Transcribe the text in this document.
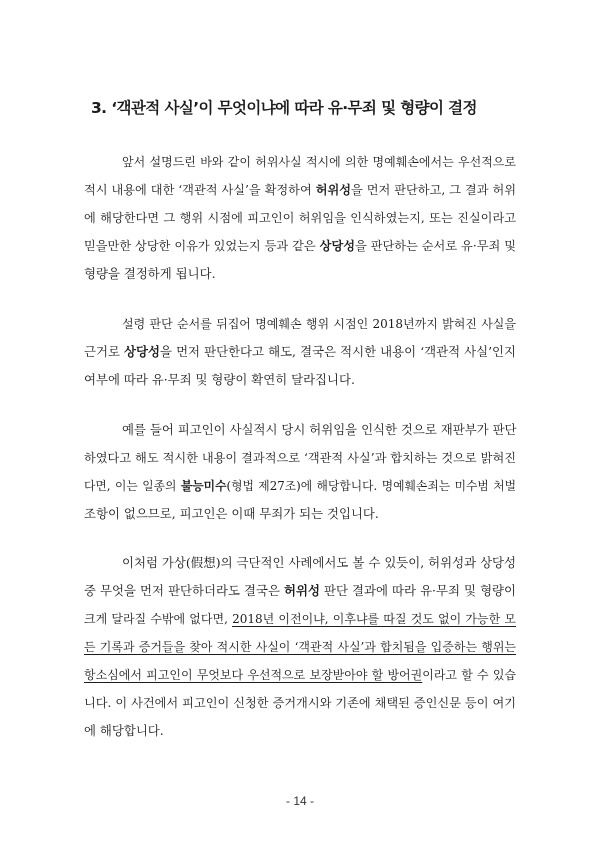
3. ‘객관적 사실’이 무엇이냐에 따라 유·무죄 및 형량이 결정
앞서 설명드린 바와 같이 허위사실 적시에 의한 명예훼손에서는 우선적으로
적시 내용에 대한 ‘객관적 사실’을 확정하여 허위성을 먼저 판단하고, 그 결과 허위
에 해당한다면 그 행위 시점에 피고인이 허위임을 인식하였는지, 또는 진실이라고
믿을만한 상당한 이유가 있었는지 등과 같은 상당성을 판단하는 순서로 유·무죄 및
형량을 결정하게 됩니다.
설령 판단 순서를 뒤집어 명예훼손 행위 시점인 2018년까지 밝혀진 사실을
근거로 상당성을 먼저 판단한다고 해도, 결국은 적시한 내용이 ‘객관적 사실’인지
여부에 따라 유·무죄 및 형량이 확연히 달라집니다.
예를 들어 피고인이 사실적시 당시 허위임을 인식한 것으로 재판부가 판단
하였다고 해도 적시한 내용이 결과적으로 ‘객관적 사실’과 합치하는 것으로 밝혀진
다면, 이는 일종의 불능미수(형법 제27조)에 해당합니다. 명예훼손죄는 미수범 처벌
조항이 없으므로, 피고인은 이때 무죄가 되는 것입니다.
이처럼 가상(假想)의 극단적인 사례에서도 볼 수 있듯이, 허위성과 상당성
중 무엇을 먼저 판단하더라도 결국은 허위성 판단 결과에 따라 유·무죄 및 형량이
크게 달라질 수밖에 없다면, 2018년 이전이냐, 이후냐를 따질 것도 없이 가능한 모
든 기록과 증거들을 찾아 적시한 사실이 ‘객관적 사실’과 합치됨을 입증하는 행위는
항소심에서 피고인이 무엇보다 우선적으로 보장받아야 할 방어권이라고 할 수 있습
니다. 이 사건에서 피고인이 신청한 증거개시와 기존에 채택된 증인신문 등이 여기
에 해당합니다.
- 14 -
